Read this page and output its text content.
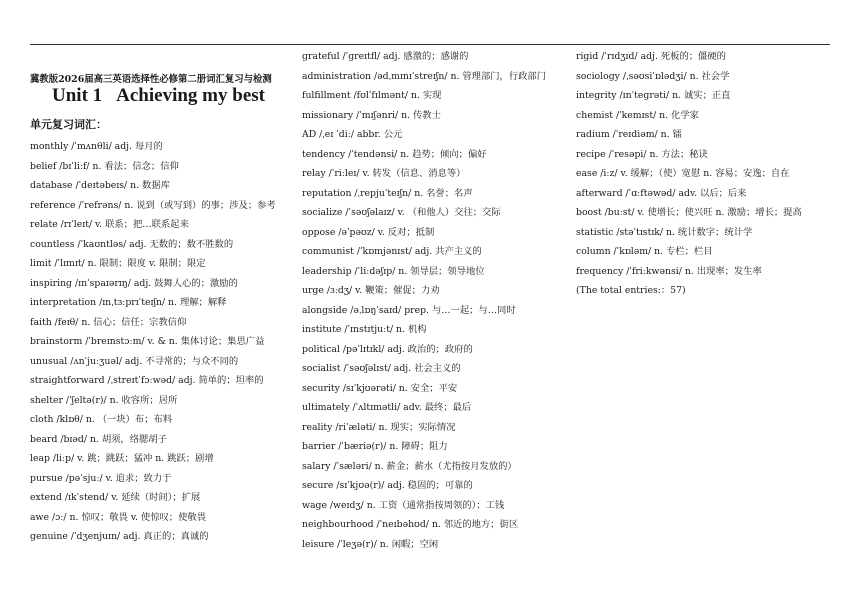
冀教版2026届高三英语选择性必修第二册词汇复习与检测
Unit 1 Achieving my best
单元复习词汇：
monthly /ˈmʌnθli/ adj. 每月的
belief /bɪˈliːf/ n. 看法；信念；信仰
database /ˈdeɪtəbeɪs/ n. 数据库
reference /ˈrefrəns/ n. 说到（或写到）的事；涉及；参考
relate /rɪˈleɪt/ v. 联系；把…联系起来
countless /ˈkaʊntləs/ adj. 无数的；数不胜数的
limit /ˈlɪmɪt/ n. 限制；限度 v. 限制；限定
inspiring /ɪnˈspaɪərɪŋ/ adj. 鼓舞人心的；激励的
interpretation /ɪnˌtɜːprɪˈteɪʃn/ n. 理解；解释
faith /feɪθ/ n. 信心；信任；宗教信仰
brainstorm /ˈbreɪnstɔːm/ v. & n. 集体讨论；集思广益
unusual /ʌnˈjuːʒuəl/ adj. 不寻常的；与众不同的
straightforward /ˌstreɪtˈfɔːwəd/ adj. 简单的；坦率的
shelter /ˈʃeltə(r)/ n. 收容所；居所
cloth /klɒθ/ n. （一块）布；布料
beard /bɪəd/ n. 胡须，络腮胡子
leap /liːp/ v. 跳；跳跃；猛冲 n. 跳跃；剧增
pursue /pəˈsjuː/ v. 追求；致力于
extend /ɪkˈstend/ v. 延续（时间）；扩展
awe /ɔː/ n. 惊叹；敬畏 v. 使惊叹；使敬畏
genuine /ˈdʒenjuɪn/ adj. 真正的；真诚的
grateful /ˈɡreɪtfl/ adj. 感激的；感谢的
administration /ədˌmɪnɪˈstreɪʃn/ n. 管理部门，行政部门
fulfillment /fʊlˈfɪlmənt/ n. 实现
missionary /ˈmɪʃənri/ n. 传教士
AD /ˌeɪ ˈdiː/ abbr. 公元
tendency /ˈtendənsi/ n. 趋势；倾向；偏好
relay /ˈriːleɪ/ v. 转发（信息、消息等）
reputation /ˌrepjuˈteɪʃn/ n. 名誉；名声
socialize /ˈsəʊʃəlaɪz/ v. （和他人）交往；交际
oppose /əˈpəʊz/ v. 反对；抵制
communist /ˈkɒmjənɪst/ adj. 共产主义的
leadership /ˈliːdəʃɪp/ n. 领导层；领导地位
urge /ɜːdʒ/ v. 鞭策；催促；力劝
alongside /əˌlɒŋˈsaɪd/ prep. 与…一起；与…同时
institute /ˈɪnstɪtjuːt/ n. 机构
political /pəˈlɪtɪkl/ adj. 政治的；政府的
socialist /ˈsəʊʃəlɪst/ adj. 社会主义的
security /sɪˈkjʊərəti/ n. 安全；平安
ultimately /ˈʌltɪmətli/ adv. 最终；最后
reality /riˈæləti/ n. 现实；实际情况
barrier /ˈbæriə(r)/ n. 障碍；阻力
salary /ˈsæləri/ n. 薪金；薪水（尤指按月发放的）
secure /sɪˈkjʊə(r)/ adj. 稳固的；可靠的
wage /weɪdʒ/ n. 工资（通常指按周领的）；工钱
neighbourhood /ˈneɪbəhʊd/ n. 邻近的地方；街区
leisure /ˈleʒə(r)/ n. 闲暇；空闲
rigid /ˈrɪdʒɪd/ adj. 死板的；僵硬的
sociology /ˌsəʊsiˈɒlədʒi/ n. 社会学
integrity /ɪnˈteɡrəti/ n. 诚实；正直
chemist /ˈkemɪst/ n. 化学家
radium /ˈreɪdiəm/ n. 镭
recipe /ˈresəpi/ n. 方法；秘诀
ease /iːz/ v. 缓解；（使）宽慰 n. 容易；安逸；自在
afterward /ˈɑːftəwəd/ adv. 以后；后来
boost /buːst/ v. 使增长；使兴旺 n. 激励；增长；提高
statistic /stəˈtɪstɪk/ n. 统计数字；统计学
column /ˈkɒləm/ n. 专栏；栏目
frequency /ˈfriːkwənsi/ n. 出现率；发生率
(The total entries:：57)
